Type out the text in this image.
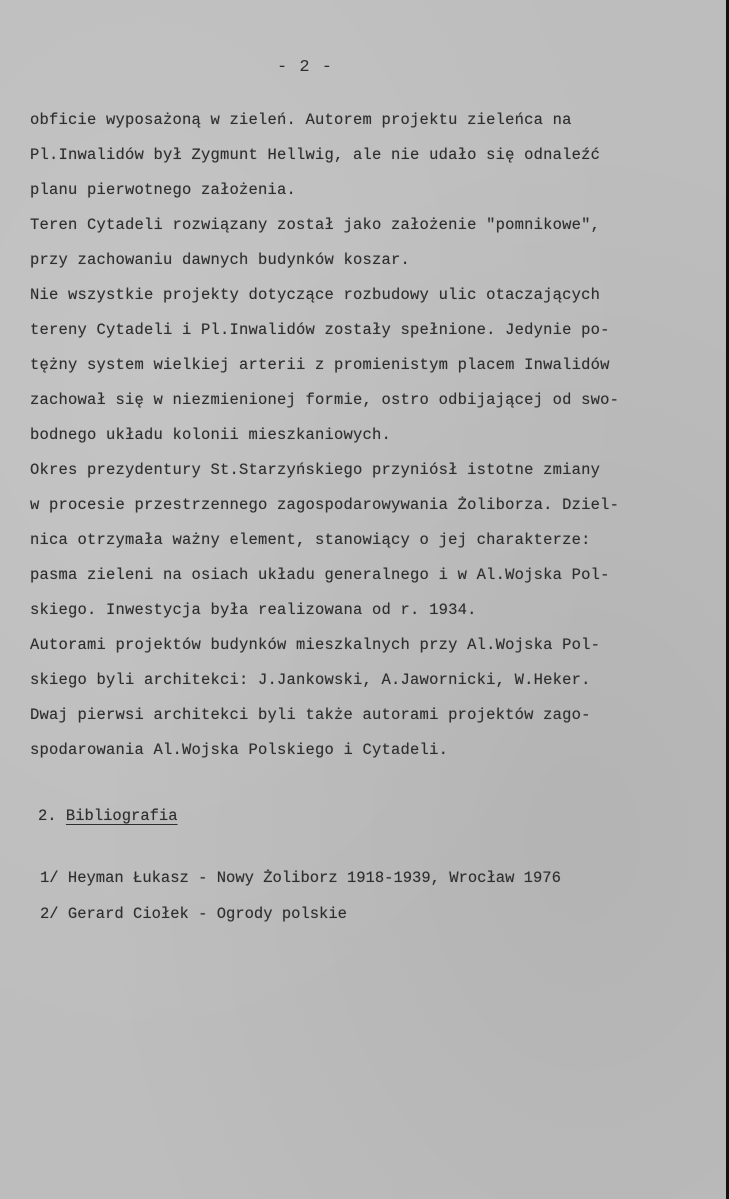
- 2 -
obficie wyposażoną w zieleń. Autorem projektu zieleńca na
Pl.Inwalidów był Zygmunt Hellwig, ale nie udało się odnaleźć
planu pierwotnego założenia.
Teren Cytadeli rozwiązany został jako założenie "pomnikowe",
przy zachowaniu dawnych budynków koszar.
Nie wszystkie projekty dotyczące rozbudowy ulic otaczających
tereny Cytadeli i Pl.Inwalidów zostały spełnione. Jedynie po-
tężny system wielkiej arterii z promienistym placem Inwalidów
zachował się w niezmienionej formie, ostro odbijającej od swo-
bodnego układu kolonii mieszkaniowych.
Okres prezydentury St.Starzyńskiego przyniósł istotne zmiany
w procesie przestrzennego zagospodarowywania Żoliborza. Dziel-
nica otrzymała ważny element, stanowiący o jej charakterze:
pasma zieleni na osiach układu generalnego i w Al.Wojska Pol-
skiego. Inwestycja była realizowana od r. 1934.
Autorami projektów budynków mieszkalnych przy Al.Wojska Pol-
skiego byli architekci: J.Jankowski, A.Jawornicki, W.Heker.
Dwaj pierwsi architekci byli także autorami projektów zago-
spodarowania Al.Wojska Polskiego i Cytadeli.
2. Bibliografia
1/ Heyman Łukasz - Nowy Żoliborz 1918-1939, Wrocław 1976
2/ Gerard Ciołek - Ogrody polskie
